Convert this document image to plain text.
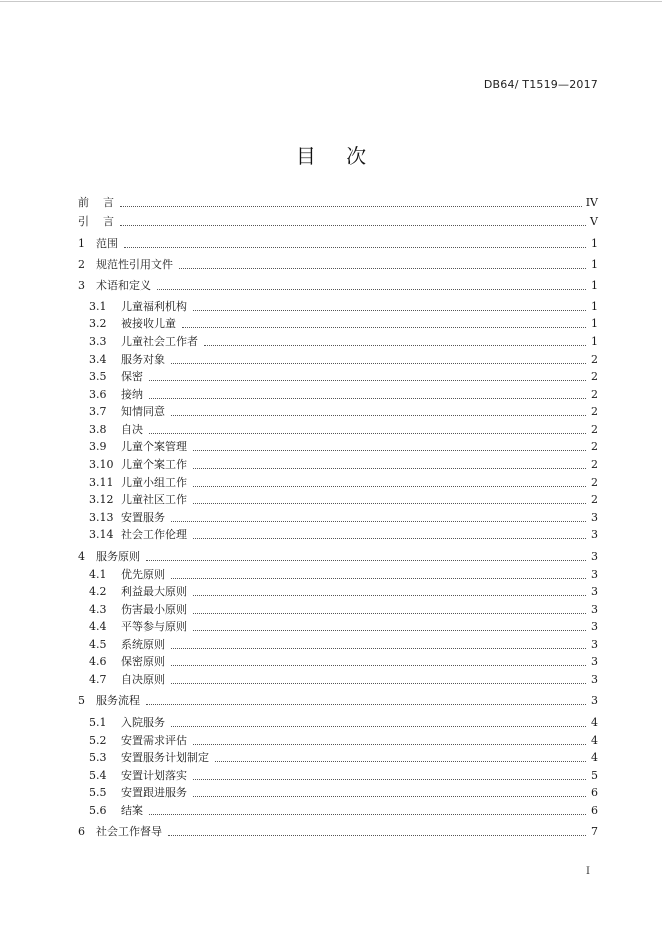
DB64/ T1519—2017
目 次
前    言	IV
引    言	V
1	范围	1
2	规范性引用文件	1
3	术语和定义	1
3.1	儿童福利机构	1
3.2	被接收儿童	1
3.3	儿童社会工作者	1
3.4	服务对象	2
3.5	保密	2
3.6	接纳	2
3.7	知情同意	2
3.8	自决	2
3.9	儿童个案管理	2
3.10 儿童个案工作	2
3.11 儿童小组工作	2
3.12 儿童社区工作	2
3.13 安置服务	3
3.14 社会工作伦理	3
4	服务原则	3
4.1	优先原则	3
4.2	利益最大原则	3
4.3	伤害最小原则	3
4.4	平等参与原则	3
4.5	系统原则	3
4.6	保密原则	3
4.7	自决原则	3
5	服务流程	3
5.1	入院服务	4
5.2	安置需求评估	4
5.3	安置服务计划制定	4
5.4	安置计划落实	5
5.5	安置跟进服务	6
5.6	结案	6
6	社会工作督导	7
I
